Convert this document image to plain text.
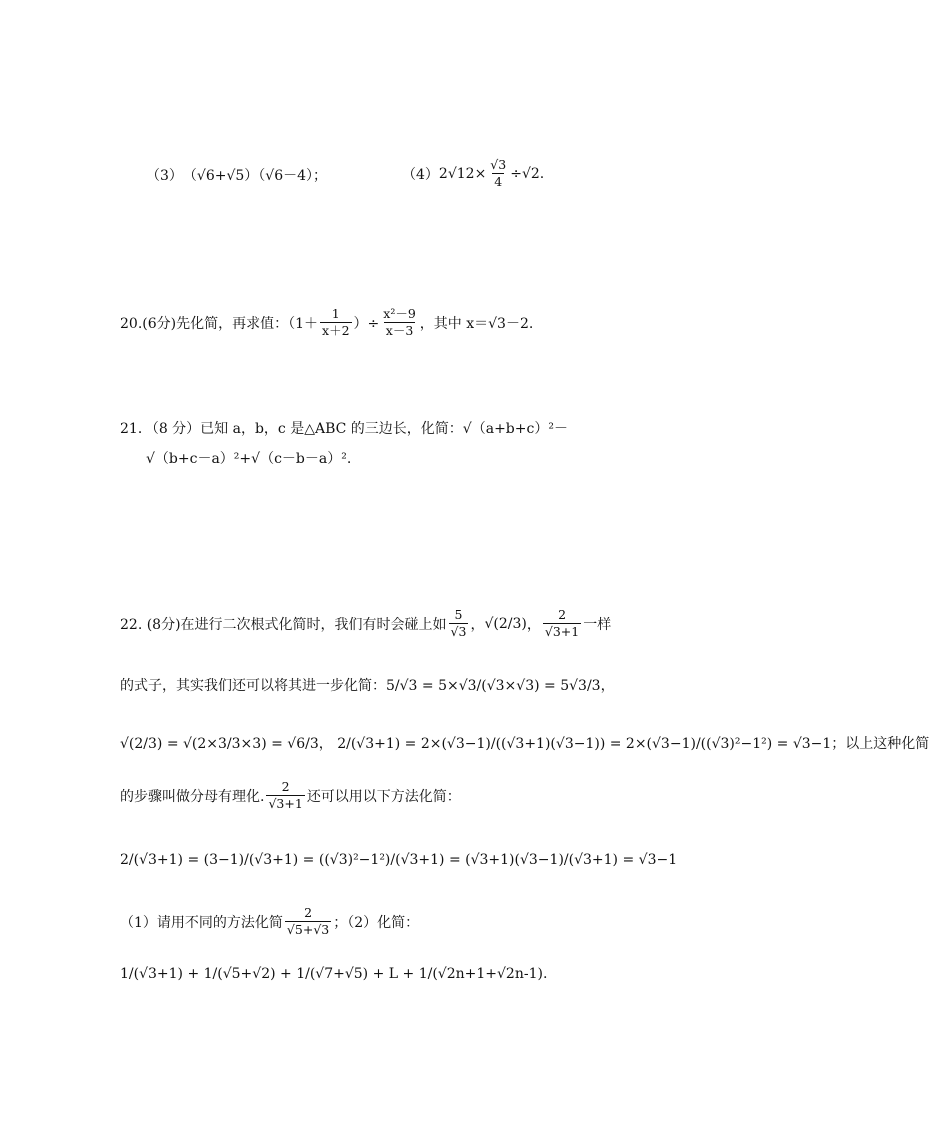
（3） （√6+√5）（√6－4）；	（4） $2√12\times \frac{√3}{4} \div√2$.
20.(6分)先化简，再求值：（$1+ \frac{1}{x+2}$ ）÷ $\frac{\text{x²－9}}{x-3}$ ，其中 x＝√3－2.
21．（8 分）已知 a，b，c 是△ABC 的三边长，化简：√（a+b+c）²－
√（b+c－a）²+√（c－b－a）².
22. (8分)在进行二次根式化简时，我们有时会碰上如 $\frac{5}{√3}$ ， √(2/3) ， $\frac{2}{√3+1}$ 一样
的式子，其实我们还可以将其进一步化简： 5/√3 = 5×√3/(√3×√3) = 5√3/3，
√(2/3) = √(2×3/3×3) = √6/3， 2/(√3+1) = 2×(√3−1)/((√3+1)(√3−1)) = 2×(√3−1)/((√3)²−1²) = √3−1 ；以上这种化简
的步骤叫做分母有理化. $\frac{2}{√3+1}$ 还可以用以下方法化简：
2/(√3+1) = (3−1)/(√3+1) = ((√3)²−1²)/(√3+1) = (√3+1)(√3−1)/(√3+1) = √3−1
（1）请用不同的方法化简 $\frac{2}{√5+√3}$ ；（2）化简：
1/(√3+1) + 1/(√5+√2) + 1/(√7+√5) + L + 1/(√2n+1+√2n-1).
